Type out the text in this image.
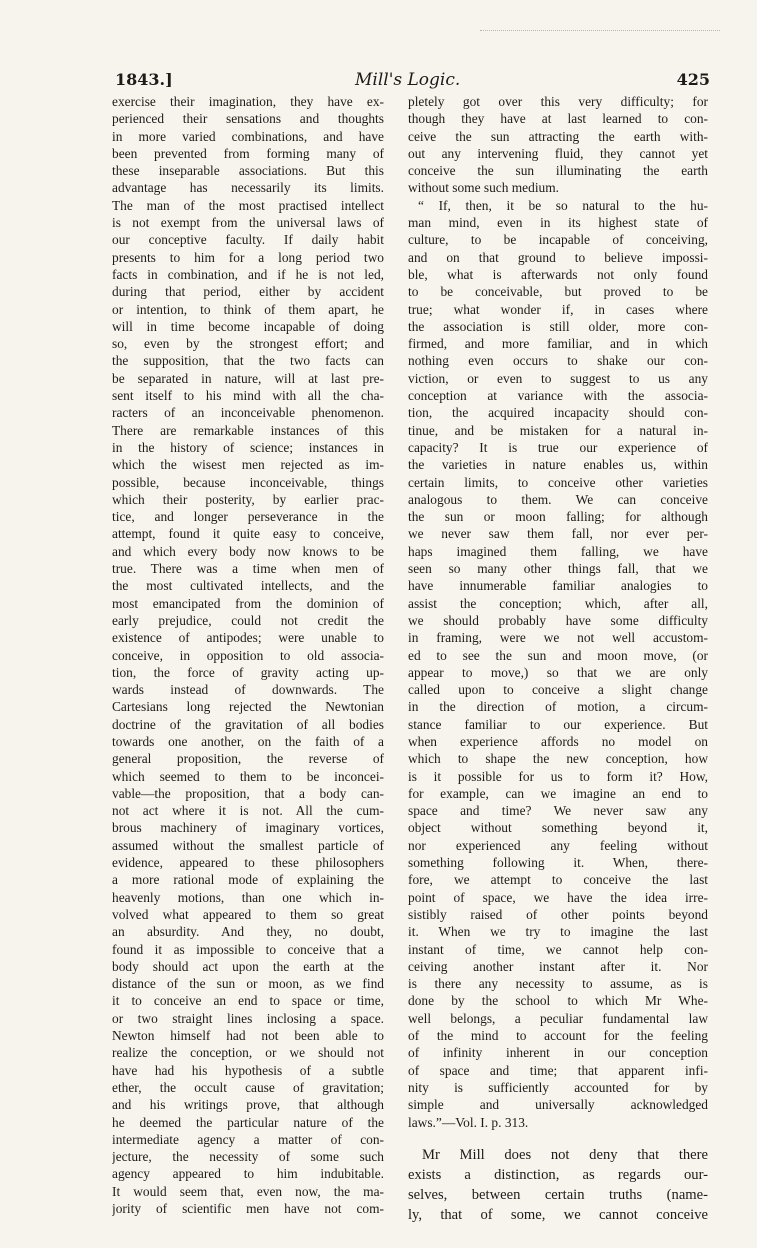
1843.]	Mill's Logic.	425
exercise their imagination, they have ex-
perienced their sensations and thoughts
in more varied combinations, and have
been prevented from forming many of
these inseparable associations. But this
advantage has necessarily its limits.
The man of the most practised intellect
is not exempt from the universal laws of
our conceptive faculty. If daily habit
presents to him for a long period two
facts in combination, and if he is not led,
during that period, either by accident
or intention, to think of them apart, he
will in time become incapable of doing
so, even by the strongest effort; and
the supposition, that the two facts can
be separated in nature, will at last pre-
sent itself to his mind with all the cha-
racters of an inconceivable phenomenon.
There are remarkable instances of this
in the history of science; instances in
which the wisest men rejected as im-
possible, because inconceivable, things
which their posterity, by earlier prac-
tice, and longer perseverance in the
attempt, found it quite easy to conceive,
and which every body now knows to be
true. There was a time when men of
the most cultivated intellects, and the
most emancipated from the dominion of
early prejudice, could not credit the
existence of antipodes; were unable to
conceive, in opposition to old associa-
tion, the force of gravity acting up-
wards instead of downwards. The
Cartesians long rejected the Newtonian
doctrine of the gravitation of all bodies
towards one another, on the faith of a
general proposition, the reverse of
which seemed to them to be inconcei-
vable—the proposition, that a body can-
not act where it is not. All the cum-
brous machinery of imaginary vortices,
assumed without the smallest particle of
evidence, appeared to these philosophers
a more rational mode of explaining the
heavenly motions, than one which in-
volved what appeared to them so great
an absurdity. And they, no doubt,
found it as impossible to conceive that a
body should act upon the earth at the
distance of the sun or moon, as we find
it to conceive an end to space or time,
or two straight lines inclosing a space.
Newton himself had not been able to
realize the conception, or we should not
have had his hypothesis of a subtle
ether, the occult cause of gravitation;
and his writings prove, that although
he deemed the particular nature of the
intermediate agency a matter of con-
jecture, the necessity of some such
agency appeared to him indubitable.
It would seem that, even now, the ma-
jority of scientific men have not com-
pletely got over this very difficulty; for
though they have at last learned to con-
ceive the sun attracting the earth with-
out any intervening fluid, they cannot yet
conceive the sun illuminating the earth
without some such medium.
“ If, then, it be so natural to the hu-
man mind, even in its highest state of
culture, to be incapable of conceiving,
and on that ground to believe impossi-
ble, what is afterwards not only found
to be conceivable, but proved to be
true; what wonder if, in cases where
the association is still older, more con-
firmed, and more familiar, and in which
nothing even occurs to shake our con-
viction, or even to suggest to us any
conception at variance with the associa-
tion, the acquired incapacity should con-
tinue, and be mistaken for a natural in-
capacity? It is true our experience of
the varieties in nature enables us, within
certain limits, to conceive other varieties
analogous to them. We can conceive
the sun or moon falling; for although
we never saw them fall, nor ever per-
haps imagined them falling, we have
seen so many other things fall, that we
have innumerable familiar analogies to
assist the conception; which, after all,
we should probably have some difficulty
in framing, were we not well accustom-
ed to see the sun and moon move, (or
appear to move,) so that we are only
called upon to conceive a slight change
in the direction of motion, a circum-
stance familiar to our experience. But
when experience affords no model on
which to shape the new conception, how
is it possible for us to form it? How,
for example, can we imagine an end to
space and time? We never saw any
object without something beyond it,
nor experienced any feeling without
something following it. When, there-
fore, we attempt to conceive the last
point of space, we have the idea irre-
sistibly raised of other points beyond
it. When we try to imagine the last
instant of time, we cannot help con-
ceiving another instant after it. Nor
is there any necessity to assume, as is
done by the school to which Mr Whe-
well belongs, a peculiar fundamental law
of the mind to account for the feeling
of infinity inherent in our conception
of space and time; that apparent infi-
nity is sufficiently accounted for by
simple and universally acknowledged
laws.”—Vol. I. p. 313.
Mr Mill does not deny that there
exists a distinction, as regards our-
selves, between certain truths (name-
ly, that of some, we cannot conceive
